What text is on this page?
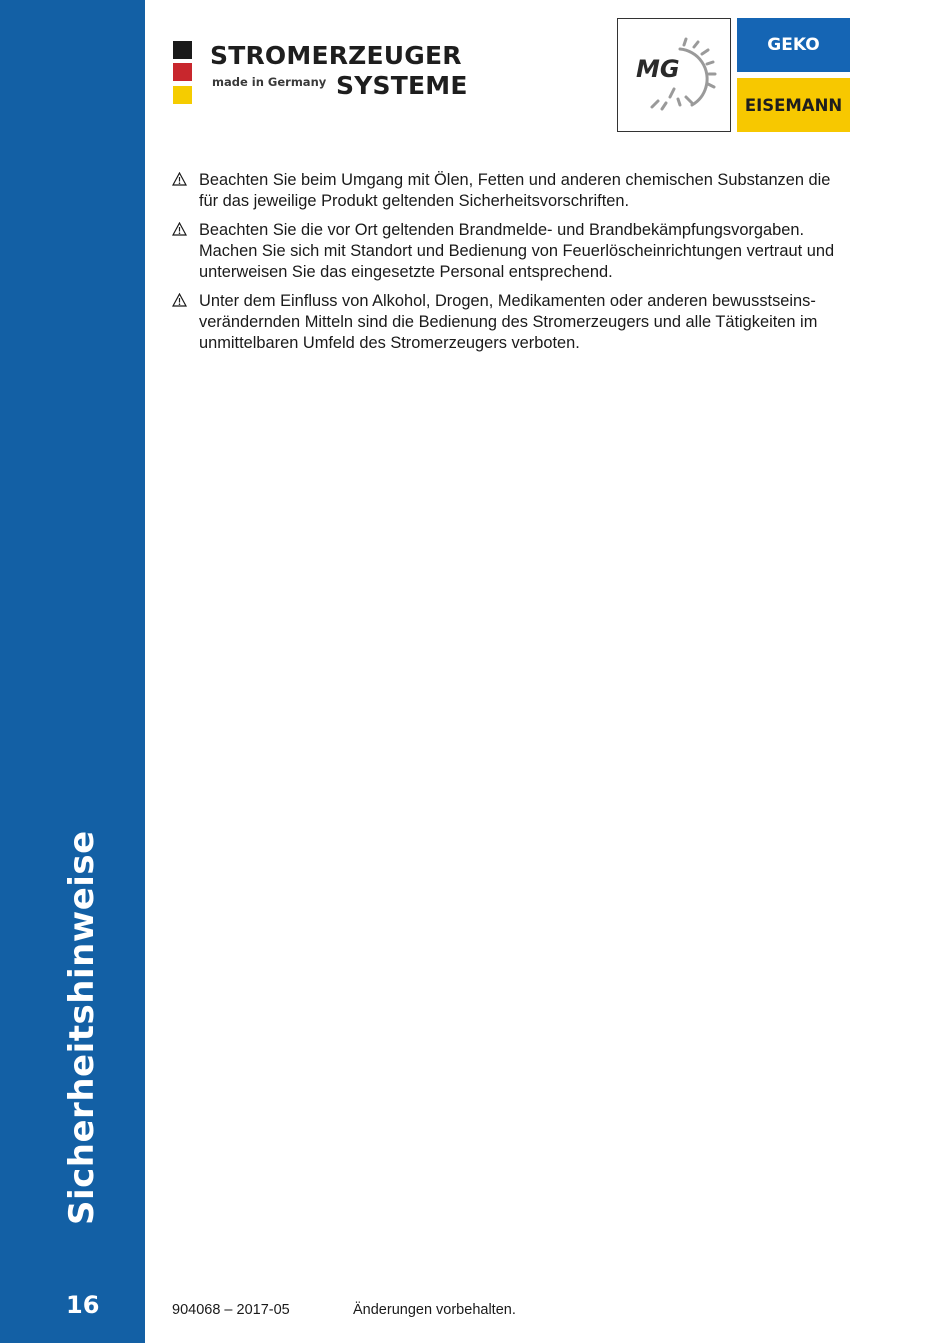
Sicherheitshinweise
16
STROMERZEUGER
made in Germany SYSTEME
MG
GEKO
EISEMANN
Beachten Sie beim Umgang mit Ölen, Fetten und anderen chemischen Substanzen die
für das jeweilige Produkt geltenden Sicherheitsvorschriften.
Beachten Sie die vor Ort geltenden Brandmelde- und Brandbekämpfungsvorgaben.
Machen Sie sich mit Standort und Bedienung von Feuerlöscheinrichtungen vertraut und
unterweisen Sie das eingesetzte Personal entsprechend.
Unter dem Einfluss von Alkohol, Drogen, Medikamenten oder anderen bewusstseins-
verändernden Mitteln sind die Bedienung des Stromerzeugers und alle Tätigkeiten im
unmittelbaren Umfeld des Stromerzeugers verboten.
904068 – 2017-05	Änderungen vorbehalten.
